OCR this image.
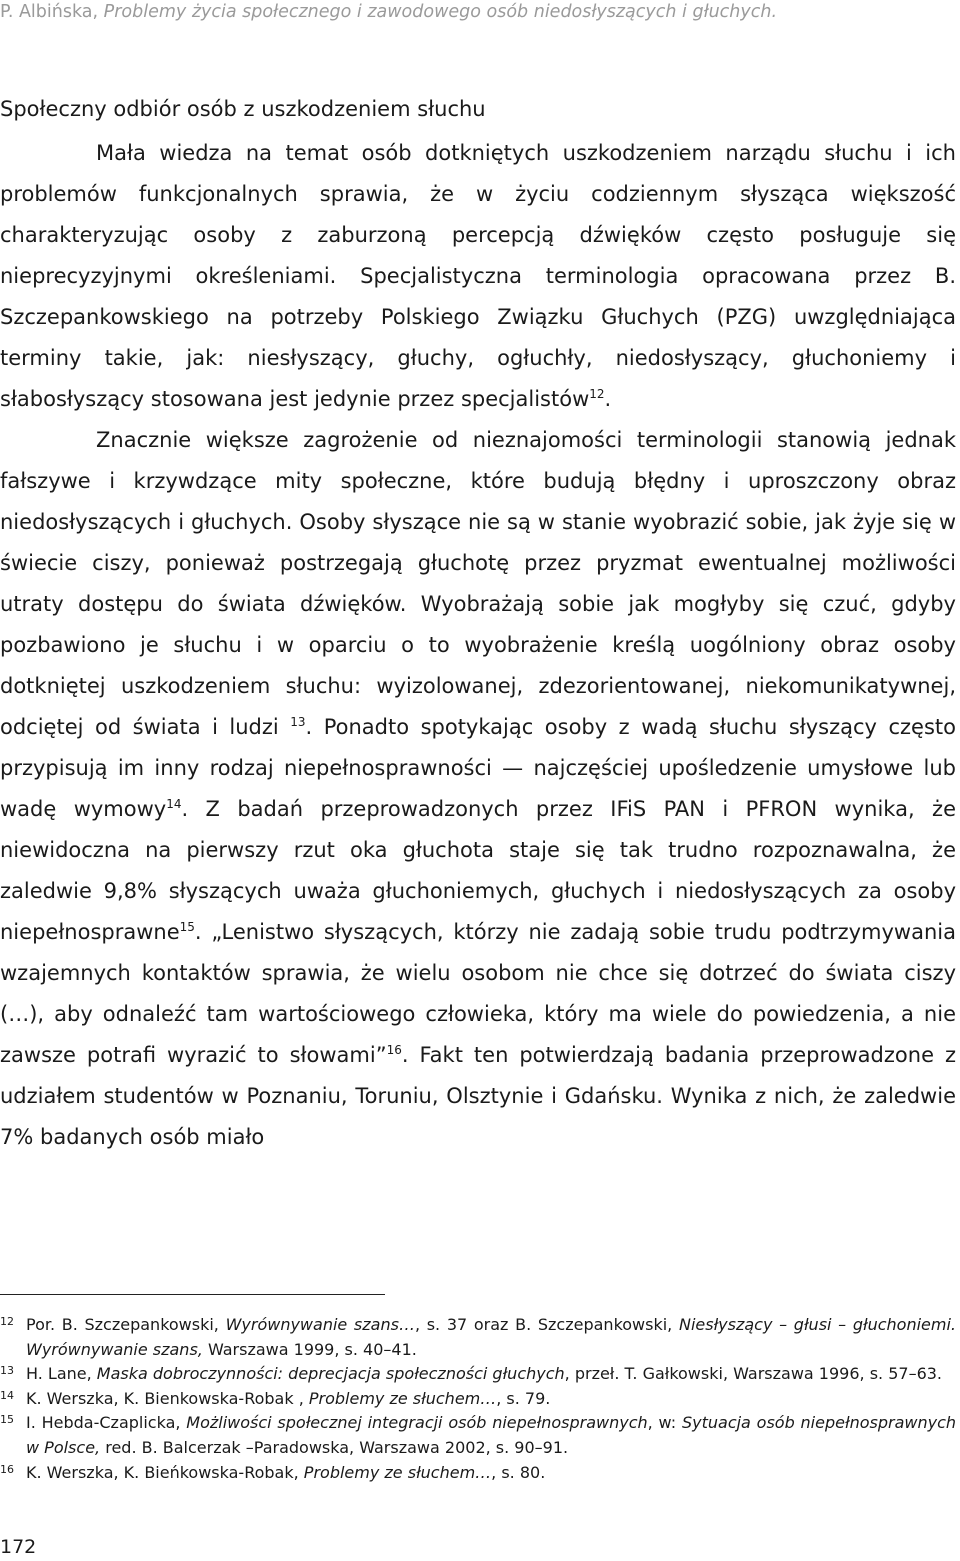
P. Albińska, Problemy życia społecznego i zawodowego osób niedosłyszących i głuchych.
Społeczny odbiór osób z uszkodzeniem słuchu

Mała wiedza na temat osób dotkniętych uszkodzeniem narządu słuchu i ich problemów funkcjonalnych sprawia, że w życiu codziennym słysząca większość charakteryzując osoby z zaburzoną percepcją dźwięków często posługuje się nieprecyzyjnymi określeniami. Specjalistyczna terminologia opracowana przez B. Szczepankowskiego na potrzeby Polskiego Związku Głuchych (PZG) uwzględniająca terminy takie, jak: niesłyszący, głuchy, ogłuchły, niedosłyszący, głuchoniemy i słabosłyszący stosowana jest jedynie przez specjalistów$^{12}$.

Znacznie większe zagrożenie od nieznajomości terminologii stanowią jednak fałszywe i krzywdzące mity społeczne, które budują błędny i uproszczony obraz niedosłyszących i głuchych. Osoby słyszące nie są w stanie wyobrazić sobie, jak żyje się w świecie ciszy, ponieważ postrzegają głuchotę przez pryzmat ewentualnej możliwości utraty dostępu do świata dźwięków. Wyobrażają sobie jak mogłyby się czuć, gdyby pozbawiono je słuchu i w oparciu o to wyobrażenie kreślą uogólniony obraz osoby dotkniętej uszkodzeniem słuchu: wyizolowanej, zdezorientowanej, niekomunikatywnej, odciętej od świata i ludzi $^{13}$. Ponadto spotykając osoby z wadą słuchu słyszący często przypisują im inny rodzaj niepełnosprawności — najczęściej upośledzenie umysłowe lub wadę wymowy$^{14}$. Z badań przeprowadzonych przez IFiS PAN i PFRON wynika, że niewidoczna na pierwszy rzut oka głuchota staje się tak trudno rozpoznawalna, że zaledwie 9,8% słyszących uważa głuchoniemych, głuchych i niedosłyszących za osoby niepełnosprawne$^{15}$. „Lenistwo słyszących, którzy nie zadają sobie trudu podtrzymywania wzajemnych kontaktów sprawia, że wielu osobom nie chce się dotrzeć do świata ciszy (…), aby odnaleźć tam wartościowego człowieka, który ma wiele do powiedzenia, a nie zawsze potrafi wyrazić to słowami”$^{16}$. Fakt ten potwierdzają badania przeprowadzone z udziałem studentów w Poznaniu, Toruniu, Olsztynie i Gdańsku. Wynika z nich, że zaledwie 7% badanych osób miało

12 Por. B. Szczepankowski, Wyrównywanie szans…, s. 37 oraz B. Szczepankowski, Niesłyszący – głusi – głuchoniemi. Wyrównywanie szans, Warszawa 1999, s. 40–41.
13 H. Lane, Maska dobroczynności: deprecjacja społeczności głuchych, przeł. T. Gałkowski, Warszawa 1996, s. 57–63.
14 K. Werszka, K. Bienkowska-Robak , Problemy ze słuchem…, s. 79.
15 I. Hebda-Czaplicka, Możliwości społecznej integracji osób niepełnosprawnych, w: Sytuacja osób niepełnosprawnych w Polsce, red. B. Balcerzak –Paradowska, Warszawa 2002, s. 90–91.
16 K. Werszka, K. Bieńkowska-Robak, Problemy ze słuchem…, s. 80.
172
